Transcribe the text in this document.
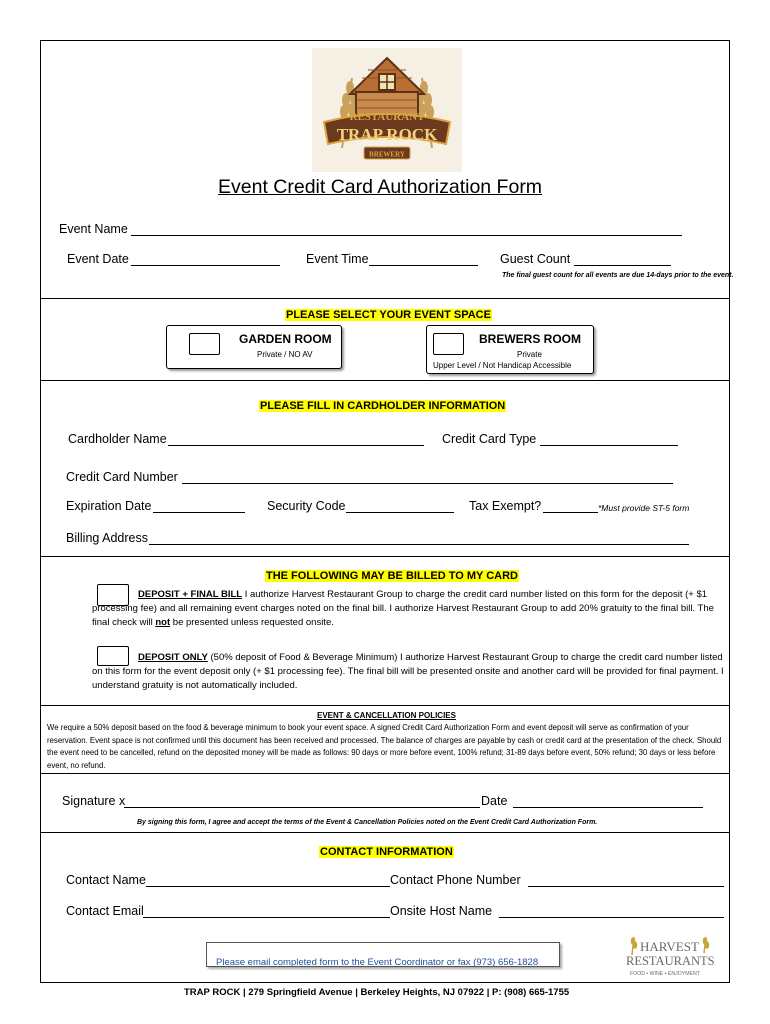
RESTAURANT
TRAP ROCK
BREWERY
Event Credit Card Authorization Form
Event Name
Event Date	Event Time	Guest Count
The final guest count for all events are due 14-days prior to the event.
PLEASE SELECT YOUR EVENT SPACE
GARDEN ROOM
Private / NO AV
BREWERS ROOM
Private
Upper Level / Not Handicap Accessible
PLEASE FILL IN CARDHOLDER INFORMATION
Cardholder Name	Credit Card Type
Credit Card Number
Expiration Date	Security Code	Tax Exempt?	*Must provide ST-5 form
Billing Address
THE FOLLOWING MAY BE BILLED TO MY CARD
DEPOSIT + FINAL BILL I authorize Harvest Restaurant Group to charge the credit card number listed on this form for the deposit (+ $1 processing fee) and all remaining event charges noted on the final bill. I authorize Harvest Restaurant Group to add 20% gratuity to the final bill. The final check will not be presented unless requested onsite.
DEPOSIT ONLY (50% deposit of Food & Beverage Minimum) I authorize Harvest Restaurant Group to charge the credit card number listed on this form for the event deposit only (+ $1 processing fee). The final bill will be presented onsite and another card will be provided for final payment. I understand gratuity is not automatically included.
EVENT & CANCELLATION POLICIES
We require a 50% deposit based on the food & beverage minimum to book your event space. A signed Credit Card Authorization Form and event deposit will serve as confirmation of your reservation. Event space is not confirmed until this document has been received and processed. The balance of charges are payable by cash or credit card at the presentation of the check. Should the event need to be cancelled, refund on the deposited money will be made as follows: 90 days or more before event, 100% refund; 31-89 days before event, 50% refund; 30 days or less before event, no refund.
Signature x	Date
By signing this form, I agree and accept the terms of the Event & Cancellation Policies noted on the Event Credit Card Authorization Form.
CONTACT INFORMATION
Contact Name	Contact Phone Number
Contact Email	Onsite Host Name
Please email completed form to the Event Coordinator or fax (973) 656-1828
HARVEST
RESTAURANTS
FOOD • WINE • ENJOYMENT
TRAP ROCK | 279 Springfield Avenue | Berkeley Heights, NJ 07922 | P: (908) 665-1755
